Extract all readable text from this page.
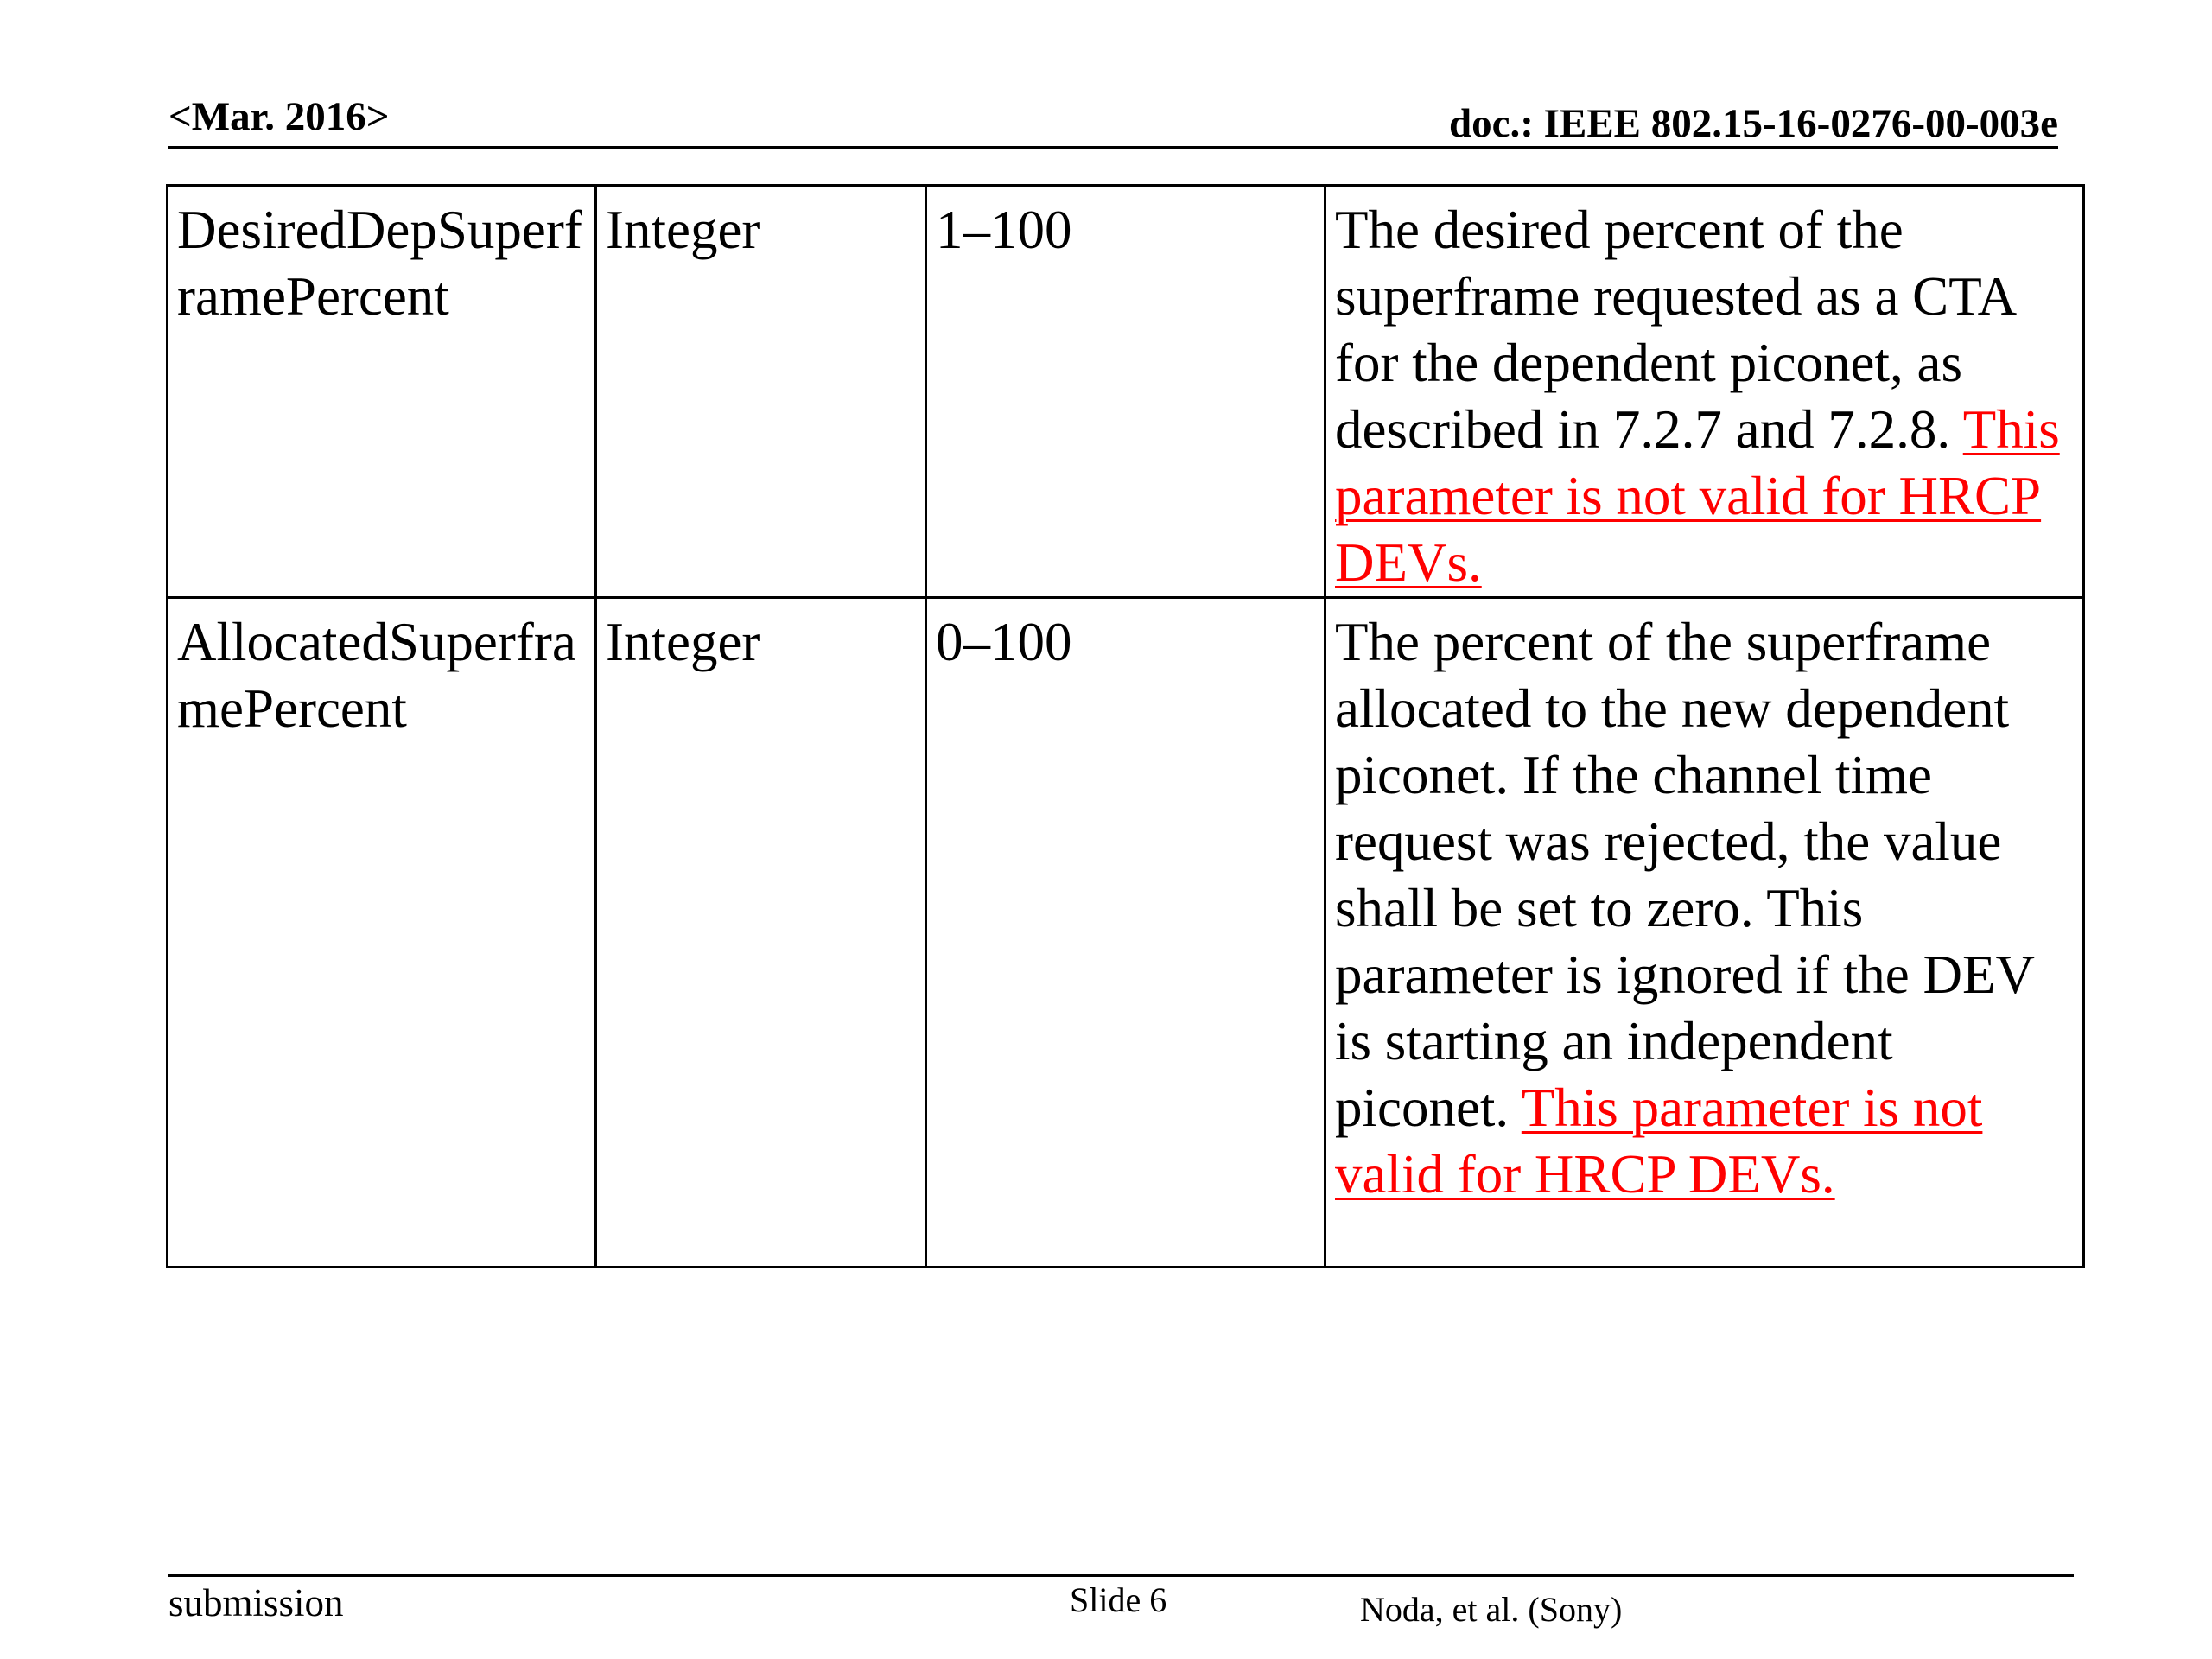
<Mar. 2016>	doc.: IEEE 802.15-16-0276-00-003e
DesiredDepSuperframePercent	Integer	1–100	The desired percent of the superframe requested as a CTA for the dependent piconet, as described in 7.2.7 and 7.2.8. This parameter is not valid for HRCP DEVs.
AllocatedSuperframePercent	Integer	0–100	The percent of the superframe allocated to the new dependent piconet. If the channel time request was rejected, the value shall be set to zero. This parameter is ignored if the DEV is starting an independent piconet. This parameter is not valid for HRCP DEVs.
submission	Slide 6	Noda, et al. (Sony)
